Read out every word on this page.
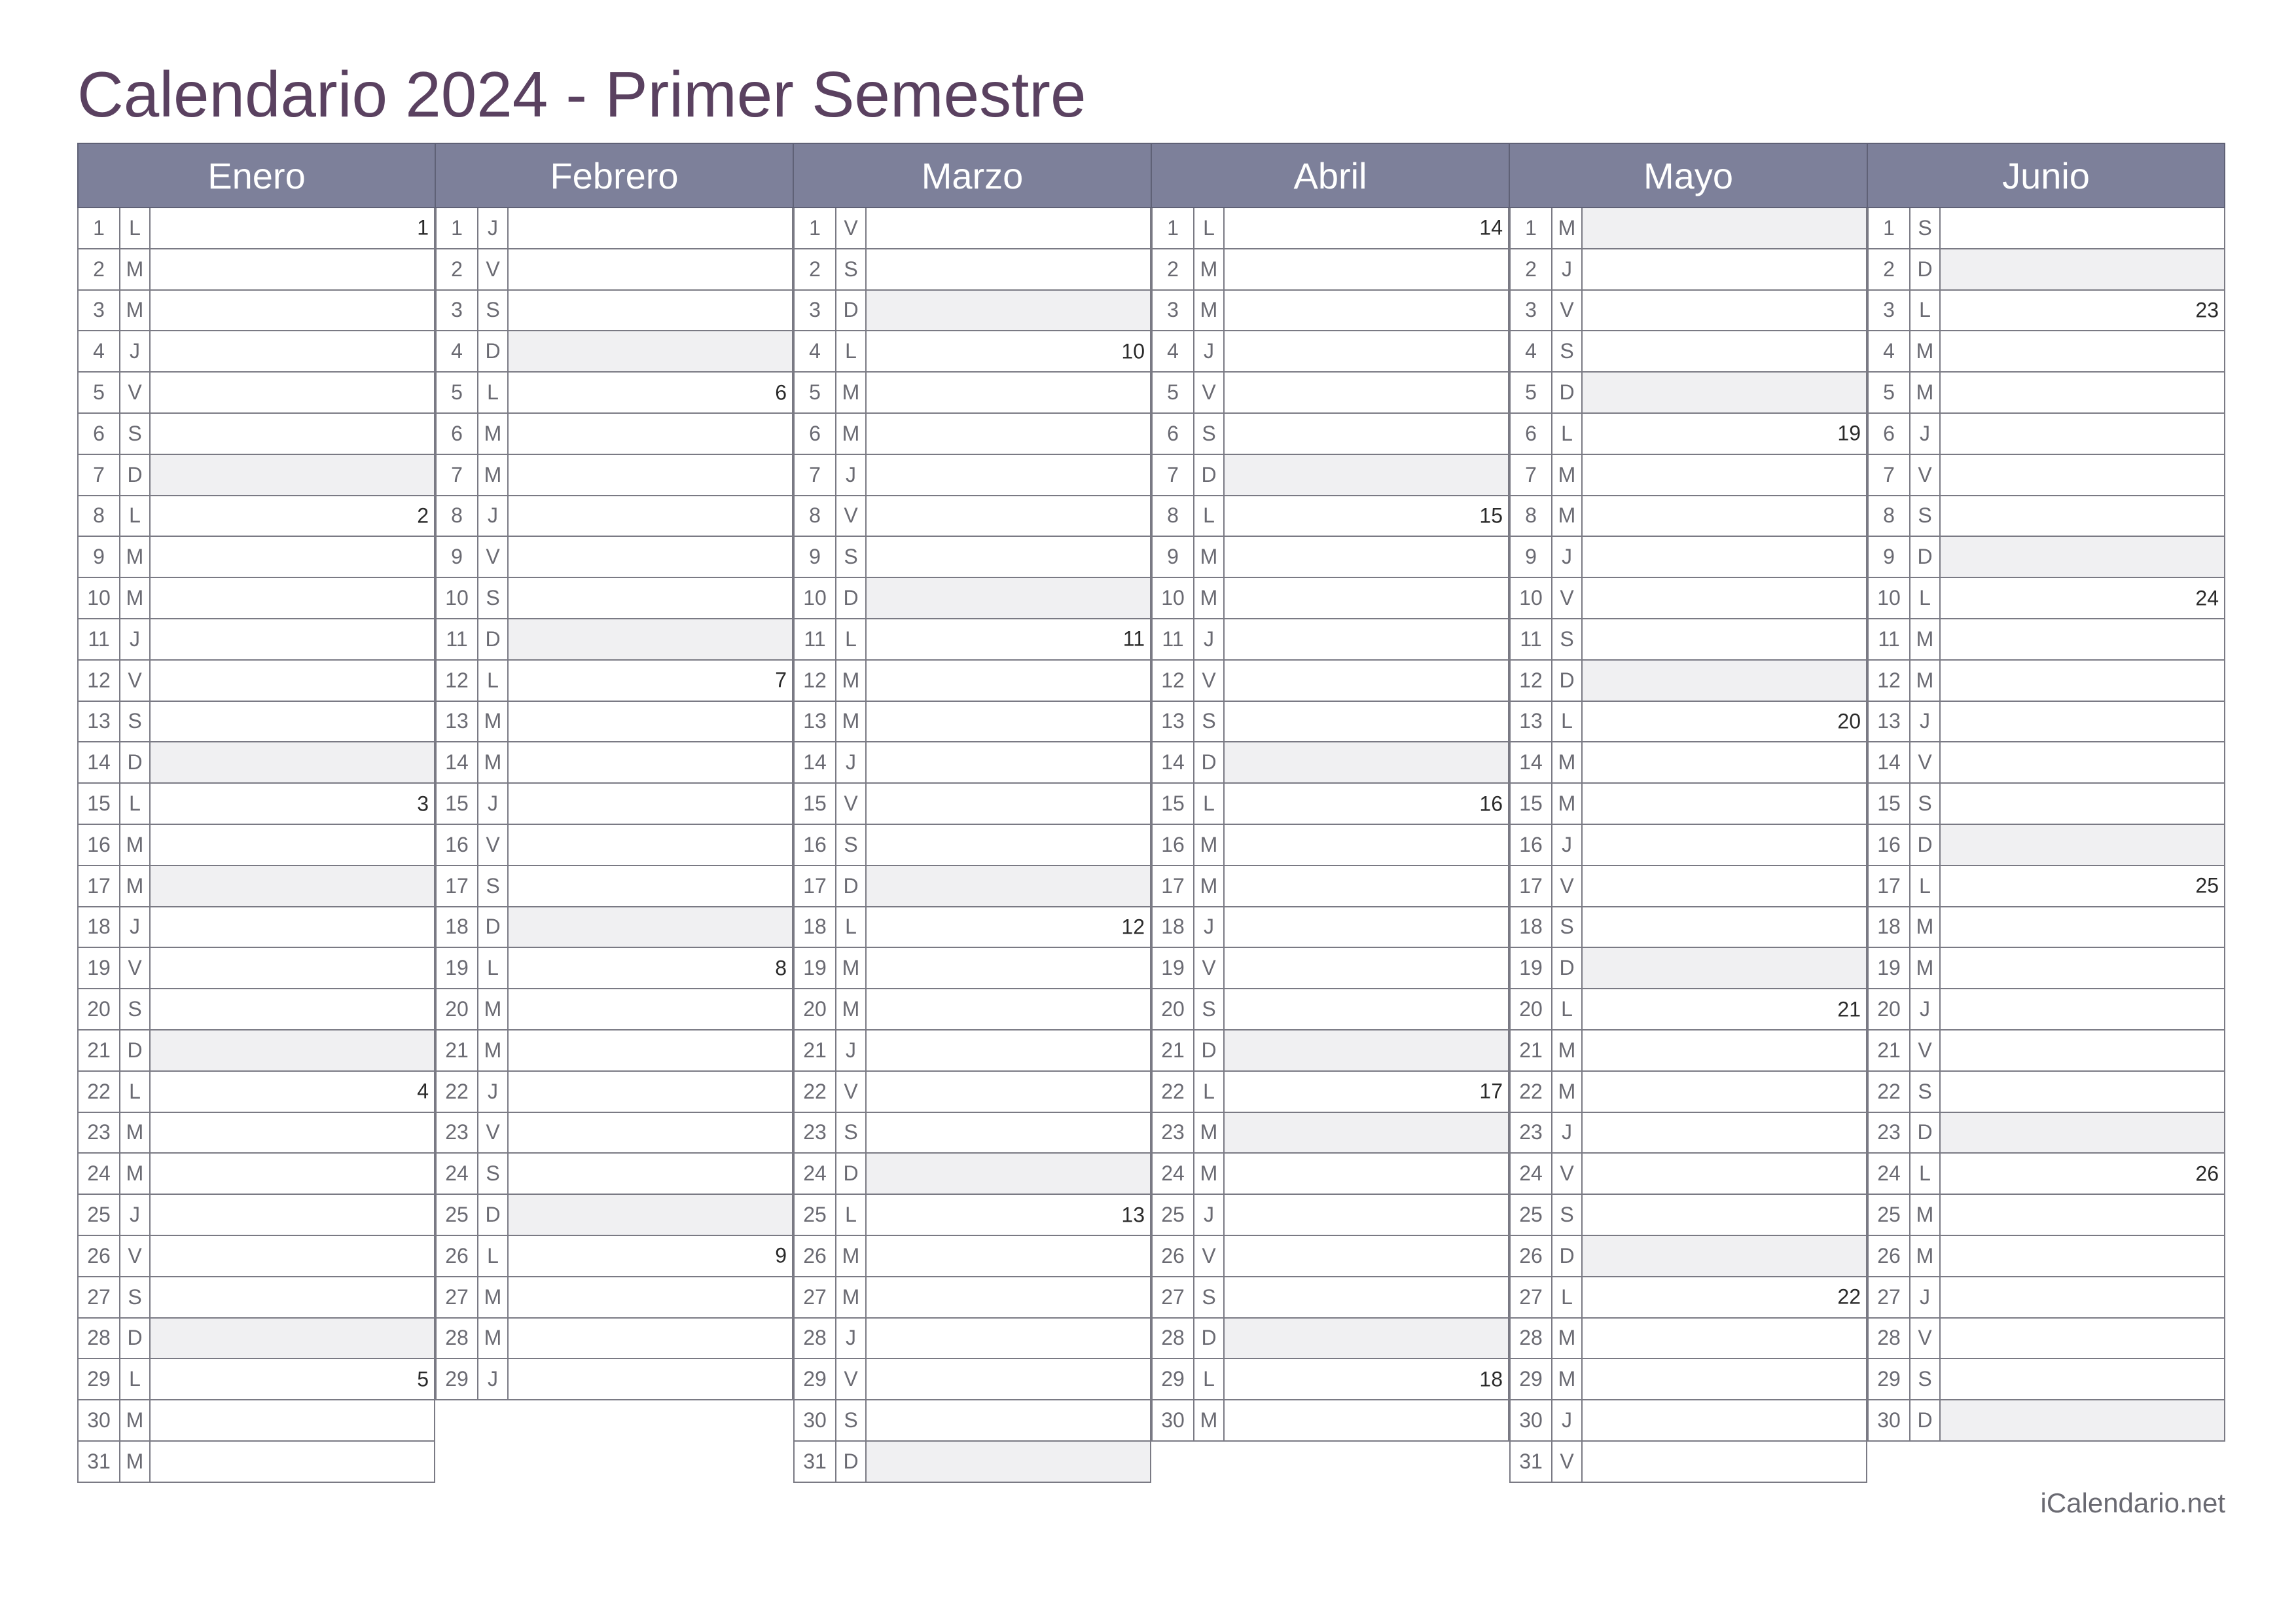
Calendario 2024 - Primer Semestre
Enero
1	L	1
2	M
3	M
4	J
5	V
6	S
7	D
8	L	2
9	M
10 M
11 J
12 V
13 S
14 D
15 L	3
16 M
17 M
18 J
19 V
20 S
21 D
22 L	4
23 M
24 M
25 J
26 V
27 S
28 D
29 L	5
30 M
31 M
Febrero
1	J
2	V
3	S
4	D
5	L	6
6	M
7	M
8	J
9	V
10 S
11 D
12 L	7
13 M
14 M
15 J
16 V
17 S
18 D
19 L	8
20 M
21 M
22 J
23 V
24 S
25 D
26 L	9
27 M
28 M
29 J
Marzo
1	V
2	S
3	D
4	L	10
5	M
6	M
7	J
8	V
9	S
10 D
11 L	11
12 M
13 M
14 J
15 V
16 S
17 D
18 L	12
19 M
20 M
21 J
22 V
23 S
24 D
25 L	13
26 M
27 M
28 J
29 V
30 S
31 D
Abril
1	L	14
2	M
3	M
4	J
5	V
6	S
7	D
8	L	15
9	M
10 M
11 J
12 V
13 S
14 D
15 L	16
16 M
17 M
18 J
19 V
20 S
21 D
22 L	17
23 M
24 M
25 J
26 V
27 S
28 D
29 L	18
30 M
Mayo
1	M
2	J
3	V
4	S
5	D
6	L	19
7	M
8	M
9	J
10 V
11 S
12 D
13 L	20
14 M
15 M
16 J
17 V
18 S
19 D
20 L	21
21 M
22 M
23 J
24 V
25 S
26 D
27 L	22
28 M
29 M
30 J
31 V
Junio
1	S
2	D
3	L	23
4	M
5	M
6	J
7	V
8	S
9	D
10 L	24
11 M
12 M
13 J
14 V
15 S
16 D
17 L	25
18 M
19 M
20 J
21 V
22 S
23 D
24 L	26
25 M
26 M
27 J
28 V
29 S
30 D
iCalendario.net
